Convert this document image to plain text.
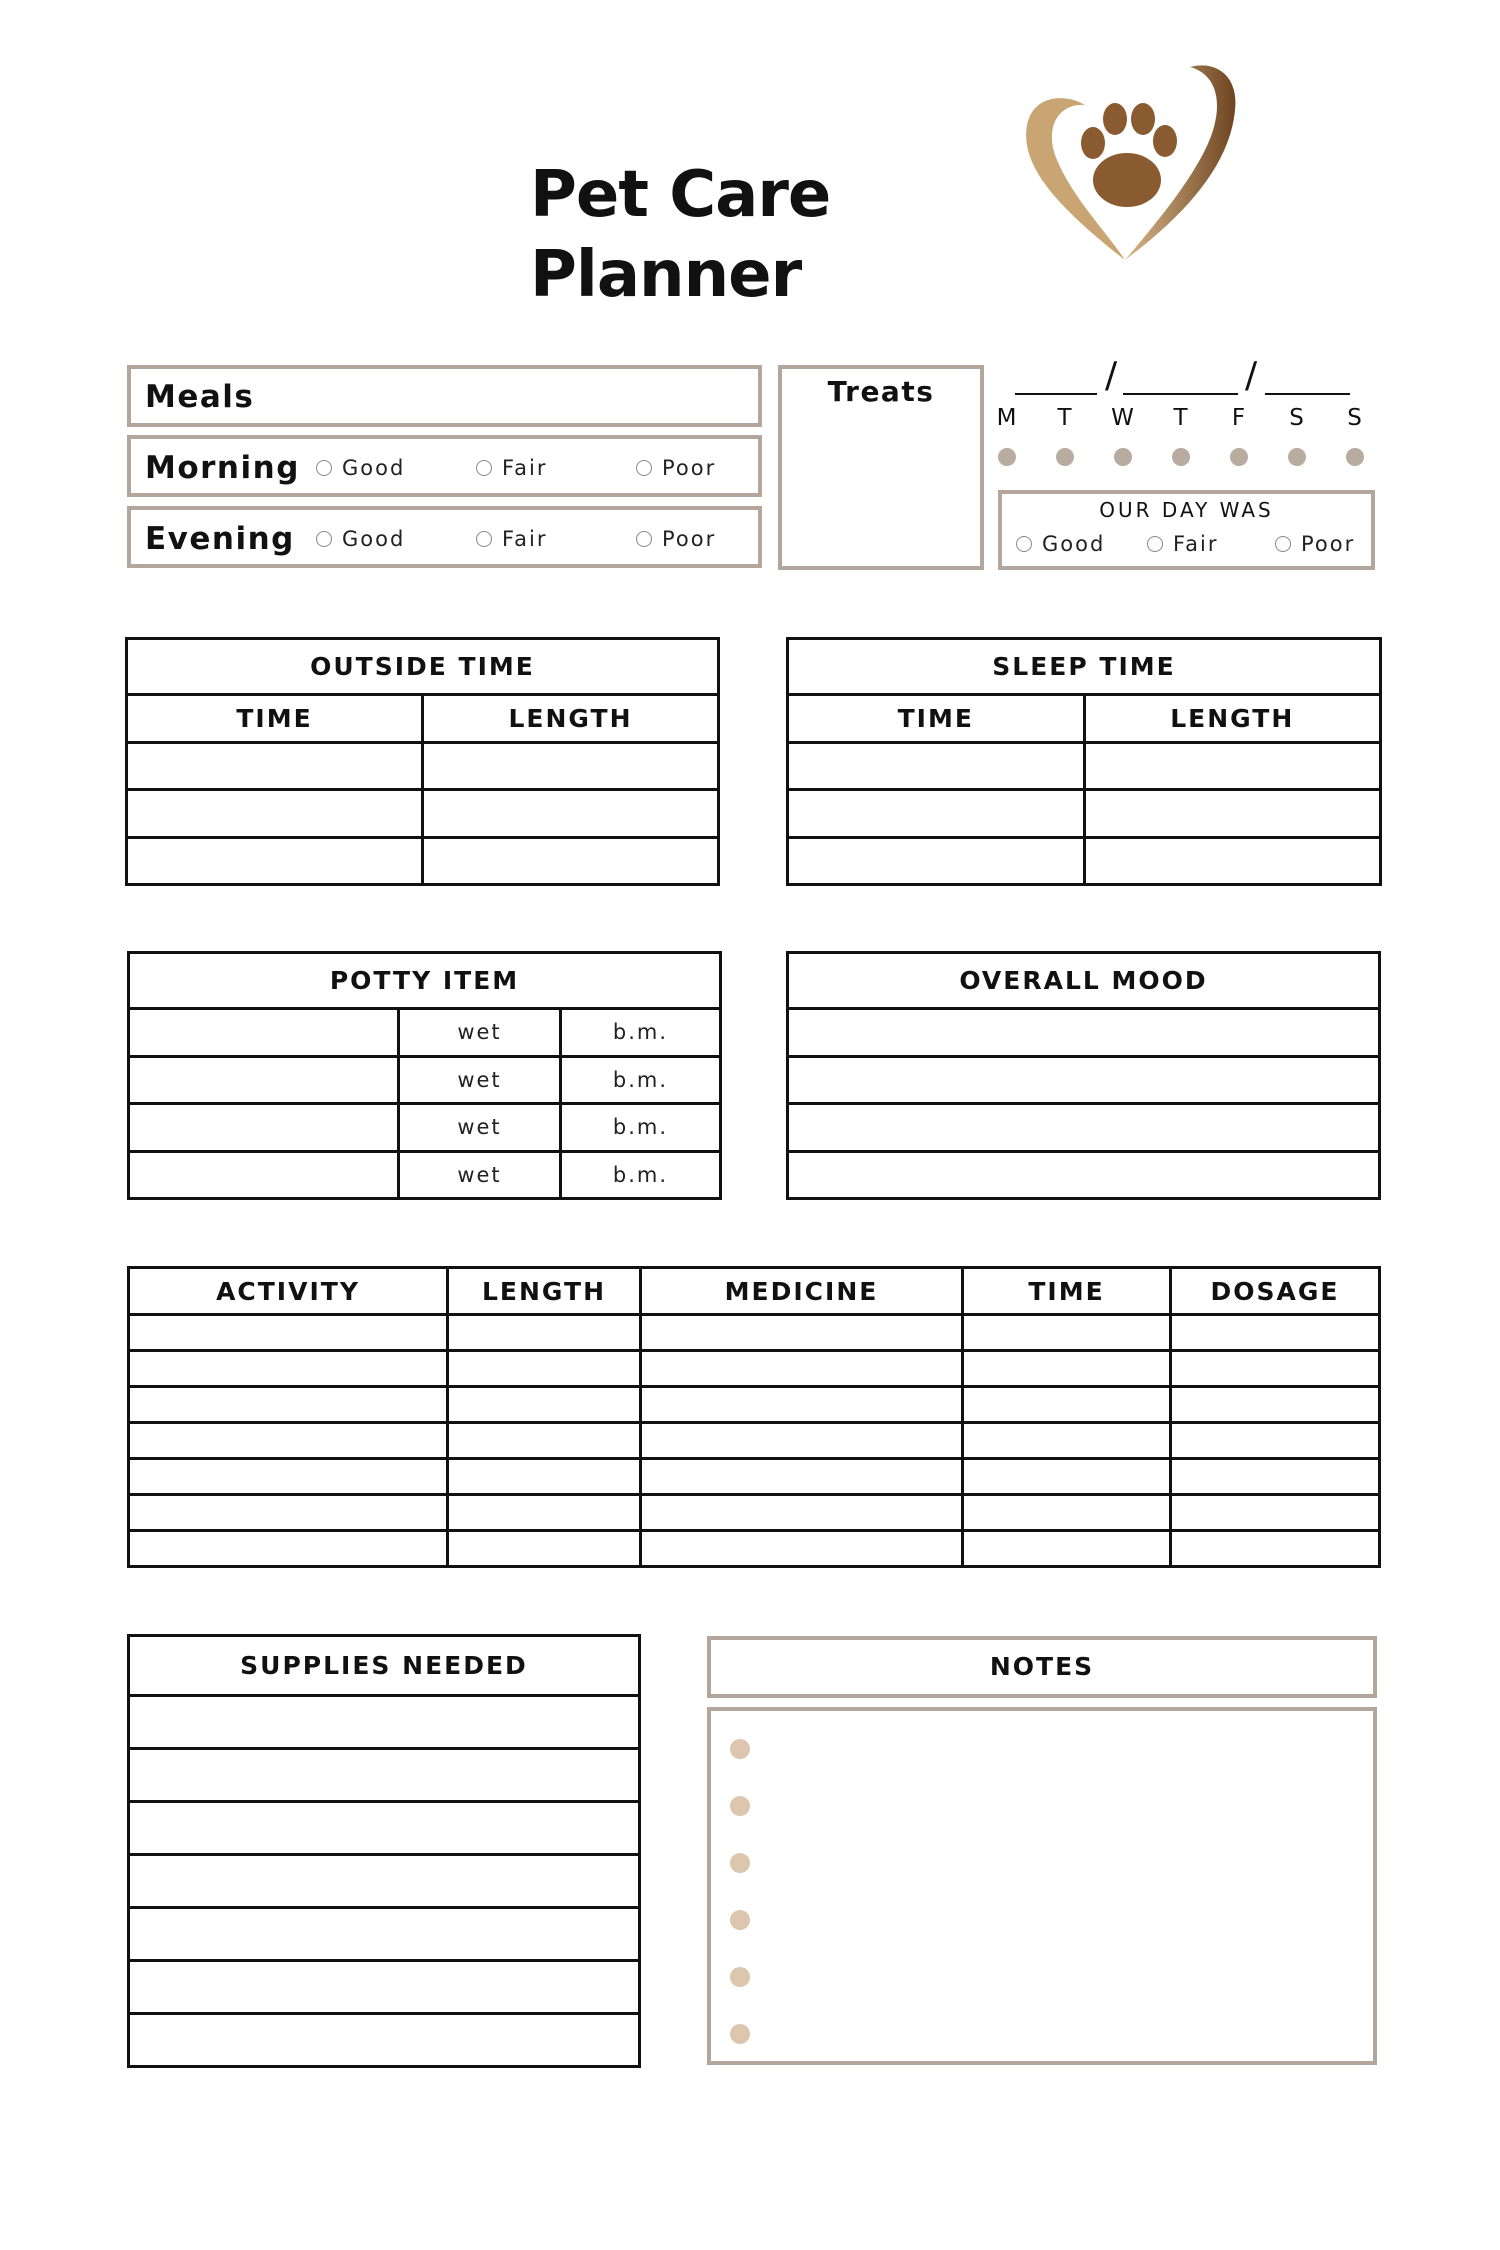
Pet Care Planner
Meals
Morning Good	Fair	Poor
Evening Good	Fair	Poor
Treats	/	/
M	T	W	T	F	S	S
OUR DAY WAS
Good	Fair	Poor
OUTSIDE TIME	
TIME	LENGTH

SLEEP TIME	
TIME	LENGTH

POTTY ITEM		
	wet	b.m.
	wet	b.m.
	wet	b.m.
	wet	b.m.
OVERALL MOOD

ACTIVITY	LENGTH	MEDICINE	TIME	DOSAGE

SUPPLIES NEEDED	NOTES
